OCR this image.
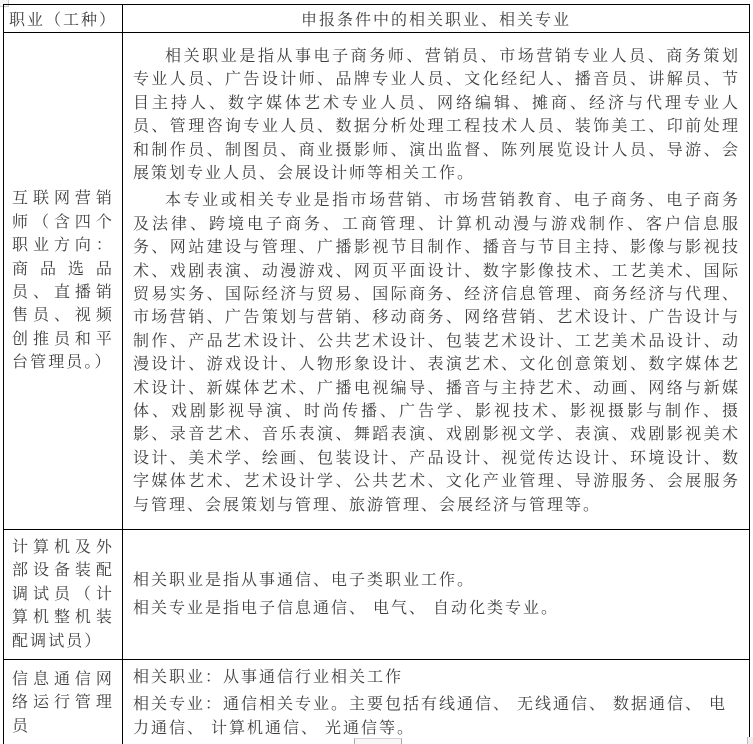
职业（工种）	申报条件中的相关职业、相关专业
互联网营销师（含四个职业方向：商品选品员、直播销售员、视频创推员和平台管理员。）	相关职业是指从事电子商务师、营销员、市场营销专业人员、商务策划专业人员、广告设计师、品牌专业人员、文化经纪人、播音员、讲解员、节目主持人、数字媒体艺术专业人员、网络编辑、摊商、经济与代理专业人员、管理咨询专业人员、数据分析处理工程技术人员、装饰美工、印前处理和制作员、制图员、商业摄影师、演出监督、陈列展览设计人员、导游、会展策划专业人员、会展设计师等相关工作。

本专业或相关专业是指市场营销、市场营销教育、电子商务、电子商务及法律、跨境电子商务、工商管理、计算机动漫与游戏制作、客户信息服务、网站建设与管理、广播影视节目制作、播音与节目主持、影像与影视技术、戏剧表演、动漫游戏、网页平面设计、数字影像技术、工艺美术、国际贸易实务、国际经济与贸易、国际商务、经济信息管理、商务经济与代理、市场营销、广告策划与营销、移动商务、网络营销、艺术设计、广告设计与制作、产品艺术设计、公共艺术设计、包装艺术设计、工艺美术品设计、动漫设计、游戏设计、人物形象设计、表演艺术、文化创意策划、数字媒体艺术设计、新媒体艺术、广播电视编导、播音与主持艺术、动画、网络与新媒体、戏剧影视导演、时尚传播、广告学、影视技术、影视摄影与制作、摄影、录音艺术、音乐表演、舞蹈表演、戏剧影视文学、表演、戏剧影视美术设计、美术学、绘画、包装设计、产品设计、视觉传达设计、环境设计、数字媒体艺术、艺术设计学、公共艺术、文化产业管理、导游服务、会展服务与管理、会展策划与管理、旅游管理、会展经济与管理等。

计算机及外部设备装配调试员（计算机整机装配调试员）	相关职业是指从事通信、电子类职业工作。

相关专业是指电子信息通信、 电气、 自动化类专业。

信息通信网络运行管理员	相关职业：从事通信行业相关工作

相关专业：通信相关专业。主要包括有线通信、 无线通信、 数据通信、 电力通信、 计算机通信、 光通信等。
